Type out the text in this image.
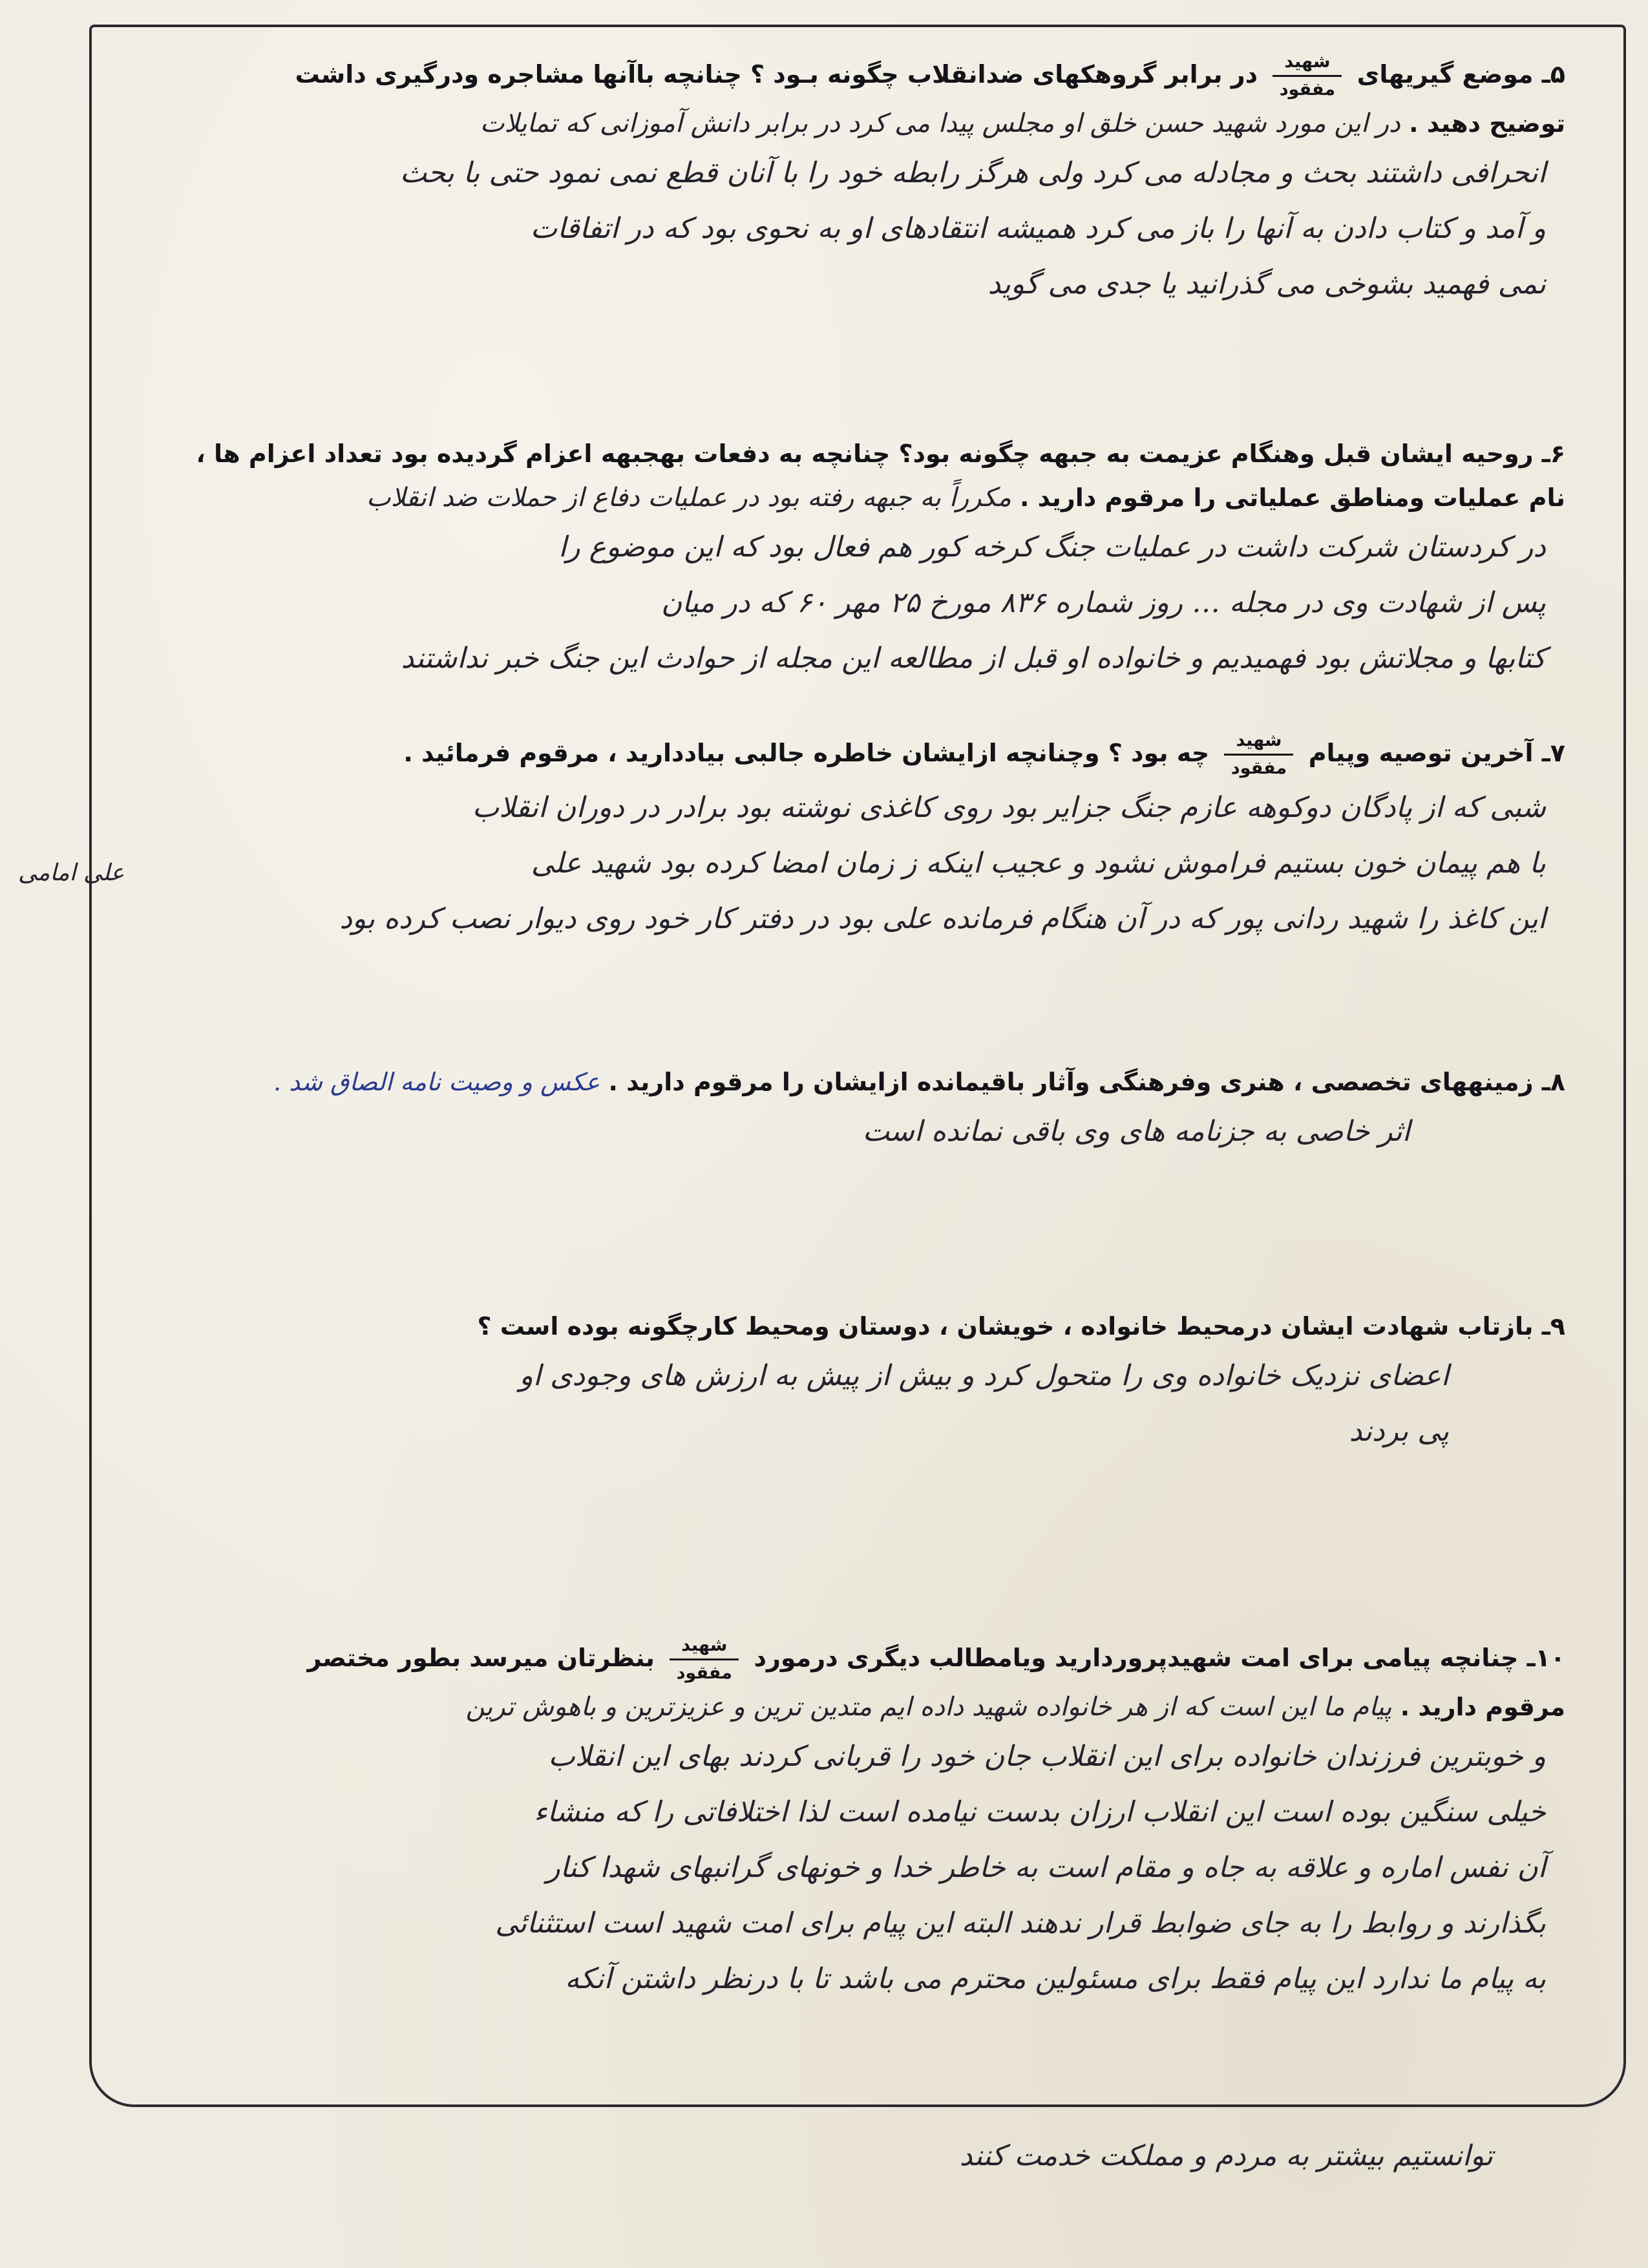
۵ـ موضع گیریهای
$\frac{\text{شهید}}{\text{مفقود}}$
در برابر گروهکهای ضدانقلاب چگونه بـود ؟ چنانچه باآنها مشاجره ودرگیری داشت
توضیح دهید . در این مورد شهید حسن خلق او مجلس پیدا می کرد در برابر دانش آموزانی که تمایلات
انحرافی داشتند بحث و مجادله می کرد ولی هرگز رابطه خود را با آنان قطع نمی نمود حتی با بحث
و آمد و کتاب دادن به آنها را باز می کرد همیشه انتقادهای او به نحوی بود که در اتفاقات
نمی فهمید بشوخی می گذرانید یا جدی می گوید
۶ـ روحیه ایشان قبل وهنگام عزیمت به جبهه چگونه بود؟ چنانچه به دفعات بهجبهه اعزام گردیده بود تعداد اعزام ها ،
نام عملیات ومناطق عملیاتی را مرقوم دارید . مکرراً به جبهه رفته بود در عملیات دفاع از حملات ضد انقلاب
در کردستان شرکت داشت در عملیات جنگ کرخه کور هم فعال بود که این موضوع را
پس از شهادت وی در مجله … روز شماره ۸۳۶ مورخ ۲۵ مهر ۶۰ که در میان
کتابها و مجلاتش بود فهمیدیم و خانواده او قبل از مطالعه این مجله از حوادث این جنگ خبر نداشتند
۷ـ آخرین توصیه وپیام
$\frac{\text{شهید}}{\text{مفقود}}$
چه بود ؟ وچنانچه ازایشان خاطره جالبی بیاددارید ، مرقوم فرمائید .
شبی که از پادگان دوکوهه عازم جنگ جزایر بود روی کاغذی نوشته بود برادر در دوران انقلاب
با هم پیمان خون بستیم فراموش نشود و عجیب اینکه ز زمان امضا کرده بود شهید علی
این کاغذ را شهید ردانی پور که در آن هنگام فرمانده علی بود در دفتر کار خود روی دیوار نصب کرده بود
علی امامی
۸ـ زمینههای تخصصی ، هنری وفرهنگی وآثار باقیمانده ازایشان را مرقوم دارید . عکس و وصیت نامه الصاق شد .
اثر خاصی به جزنامه های وی باقی نمانده است
۹ـ بازتاب شهادت ایشان درمحیط خانواده ، خویشان ، دوستان ومحیط کارچگونه بوده است ؟
اعضای نزدیک خانواده وی را متحول کرد و بیش از پیش به ارزش های وجودی او
پی بردند
۱۰ـ چنانچه پیامی برای امت شهیدپروردارید ویامطالب دیگری درمورد
$\frac{\text{شهید}}{\text{مفقود}}$
بنظرتان میرسد بطور مختصر
مرقوم دارید . پیام ما این است که از هر خانواده شهید داده ایم متدین ترین و عزیزترین و باهوش ترین
و خوبترین فرزندان خانواده برای این انقلاب جان خود را قربانی کردند بهای این انقلاب
خیلی سنگین بوده است این انقلاب ارزان بدست نیامده است لذا اختلافاتی را که منشاء
آن نفس اماره و علاقه به جاه و مقام است به خاطر خدا و خونهای گرانبهای شهدا کنار
بگذارند و روابط را به جای ضوابط قرار ندهند البته این پیام برای امت شهید است استثنائی
به پیام ما ندارد این پیام فقط برای مسئولین محترم می باشد تا با درنظر داشتن آنکه
توانستیم بیشتر به مردم و مملکت خدمت کنند
